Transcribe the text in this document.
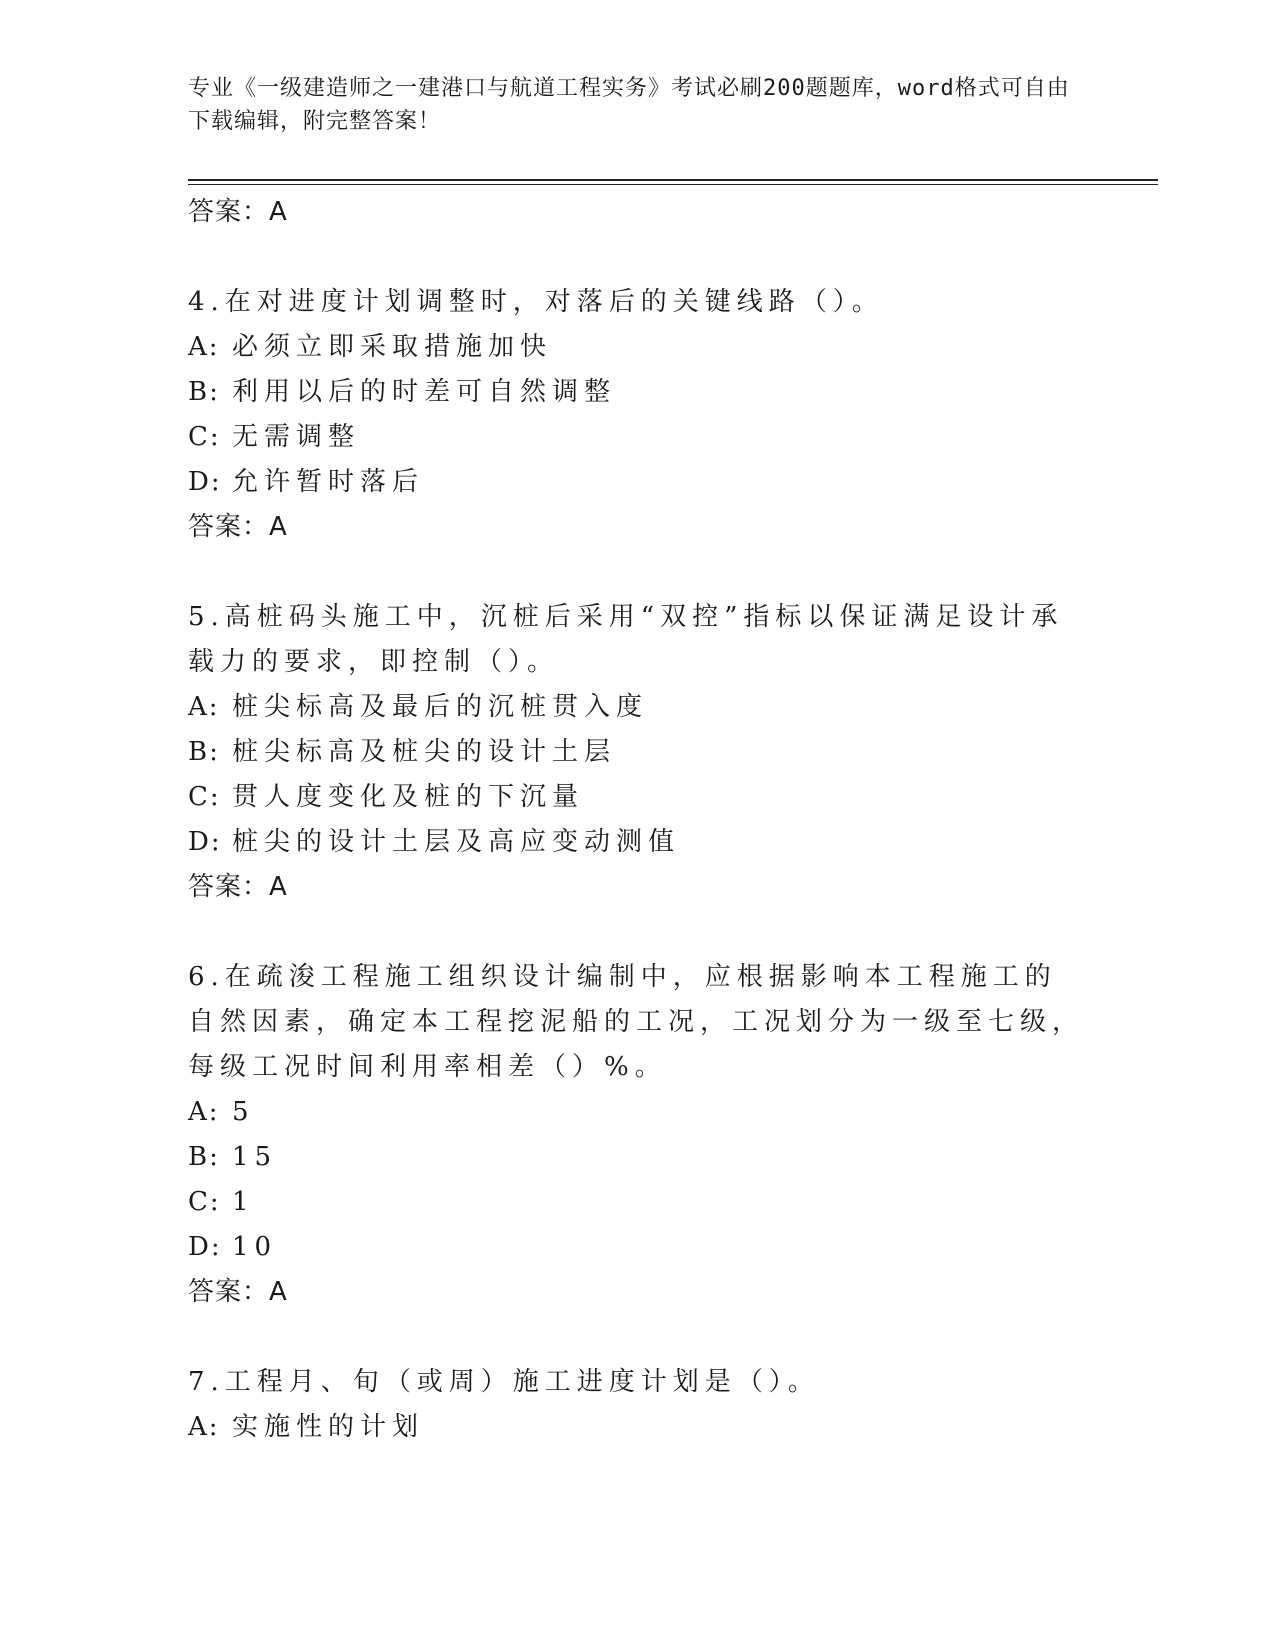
专业《一级建造师之一建港口与航道工程实务》考试必刷200题题库，word格式可自由下载编辑，附完整答案！

答案：A

4.在对进度计划调整时，对落后的关键线路（）。

A: 必须立即采取措施加快

B: 利用以后的时差可自然调整

C: 无需调整

D: 允许暂时落后

答案：A

5.高桩码头施工中，沉桩后采用“双控”指标以保证满足设计承载力的要求，即控制（）。

A: 桩尖标高及最后的沉桩贯入度

B: 桩尖标高及桩尖的设计土层

C: 贯人度变化及桩的下沉量

D: 桩尖的设计土层及高应变动测值

答案：A

6.在疏浚工程施工组织设计编制中，应根据影响本工程施工的自然因素，确定本工程挖泥船的工况，工况划分为一级至七级，每级工况时间利用率相差（）%。

A: 5

B: 15

C: 1

D: 10

答案：A

7.工程月、旬（或周）施工进度计划是（）。

A: 实施性的计划
